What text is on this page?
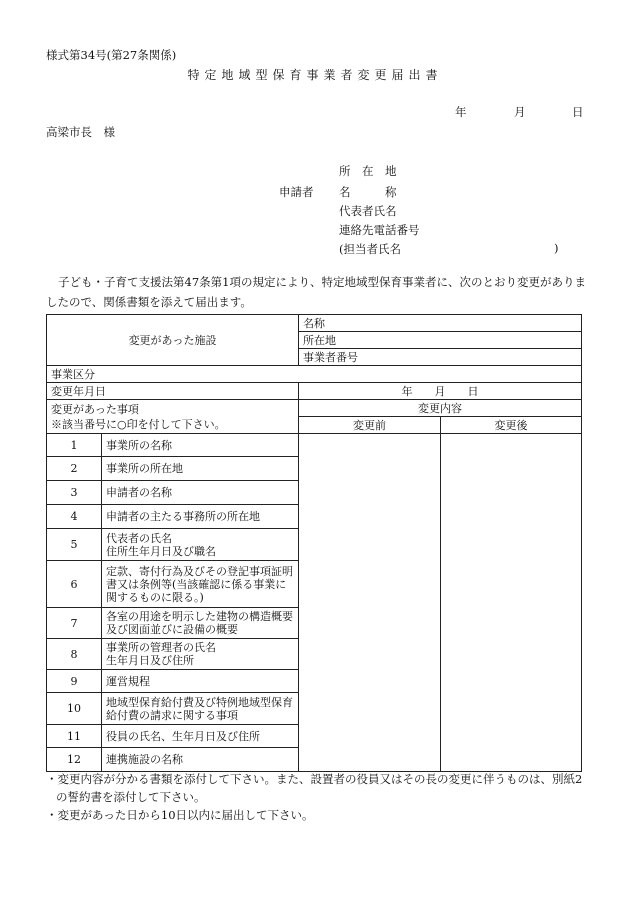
様式第34号(第27条関係)
特定地域型保育事業者変更届出書
年	月	日
高梁市長　様
申請者
所　在　地
名　　　称
代表者氏名
連絡先電話番号
(担当者氏名	)
子ども・子育て支援法第47条第1項の規定により、特定地域型保育事業者に、次のとおり変更がありましたので、関係書類を添えて届出ます。
変更があった施設		名称	
		所在地	
		事業者番号	
事業区分			
変更年月日		年　　月　　日	
変更があった事項
※該当番号に○印を付して下さい。		変更内容	
		変更前	変更後
1	事業所の名称		
2	事業所の所在地		
3	申請者の名称		
4	申請者の主たる事務所の所在地		
5	代表者の氏名
住所生年月日及び職名		
6	定款、寄付行為及びその登記事項証明書又は条例等(当該確認に係る事業に関するものに限る。)		
7	各室の用途を明示した建物の構造概要及び図面並びに設備の概要		
8	事業所の管理者の氏名
生年月日及び住所		
9	運営規程		
10	地域型保育給付費及び特例地域型保育給付費の請求に関する事項		
11	役員の氏名、生年月日及び住所		
12	連携施設の名称		
・変更内容が分かる書類を添付して下さい。また、設置者の役員又はその長の変更に伴うものは、別紙2の誓約書を添付して下さい。
・変更があった日から10日以内に届出して下さい。
